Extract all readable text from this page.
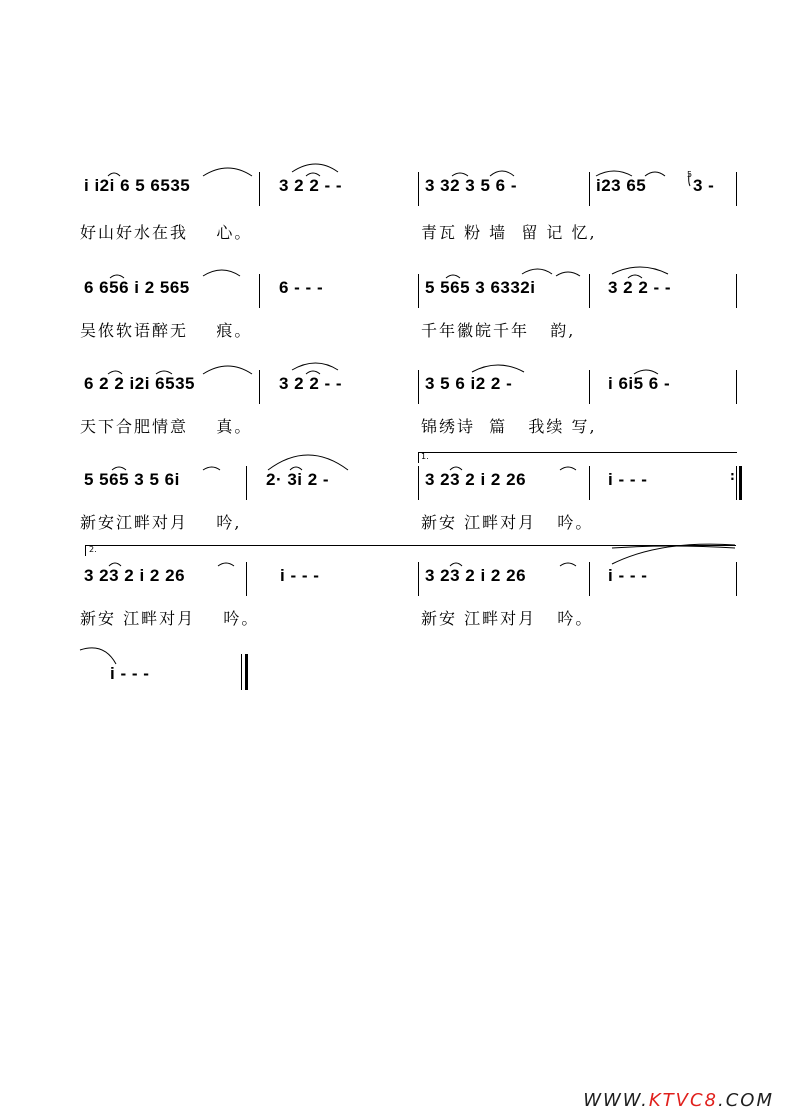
i i2i 6 5 6535	3 2 2 - -	3 32 3 5 6 -	i23 65
5
3 -
好山好水在我    心。	青瓦 粉 墙  留 记 忆,
6 656 i 2 565	6 - - -	5 565 3 6332i	3 2 2 - -
吴侬软语醉无    痕。	千年徽皖千年   韵,
6 2 2 i2i 6535	3 2 2 - -	3 5 6 i2 2 -	i 6i5 6 -
天下合肥情意    真。	锦绣诗  篇   我续 写,
1.
5 565 3 5 6i	2· 3i 2 -	3 23 2 i 2 26	i - - -	:
新安江畔对月    吟,	新安 江畔对月   吟。
2.
3 23 2 i 2 26	i - - -	3 23 2 i 2 26	i - - -
新安 江畔对月    吟。	新安 江畔对月   吟。
i - - -
WWW.KTVC8.COM
